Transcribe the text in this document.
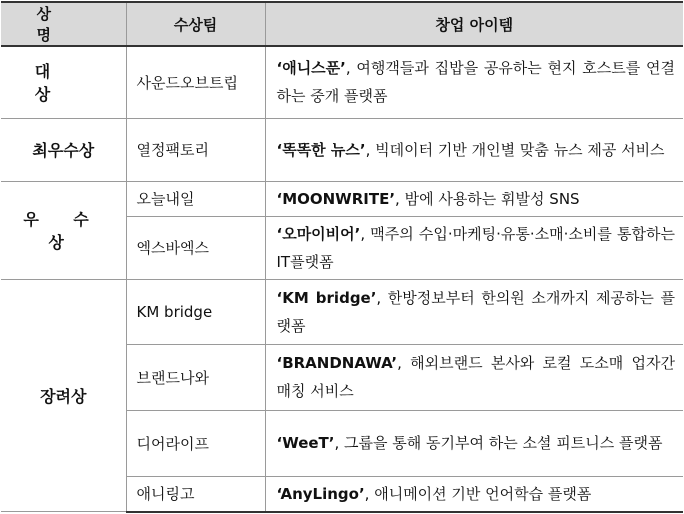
상 명	수상팀	창업 아이템
대 상	사운드오브트립	‘애니스푼’, 여행객들과 집밥을 공유하는 현지 호스트를 연결하는 중개 플랫폼
최우수상	열정팩토리	‘똑똑한 뉴스’, 빅데이터 기반 개인별 맞춤 뉴스 제공 서비스
우 수 상	오늘내일	‘MOONWRITE’, 밤에 사용하는 휘발성 SNS
	엑스바엑스	‘오마이비어’, 맥주의 수입·마케팅·유통·소매·소비를 통합하는 IT플랫폼
장려상	KM bridge	‘KM bridge’, 한방정보부터 한의원 소개까지 제공하는 플랫폼
	브랜드나와	‘BRANDNAWA’, 해외브랜드 본사와 로컬 도소매 업자간 매칭 서비스
	디어라이프	‘WeeT’, 그룹을 통해 동기부여 하는 소셜 피트니스 플랫폼
	애니링고	‘AnyLingo’, 애니메이션 기반 언어학습 플랫폼
